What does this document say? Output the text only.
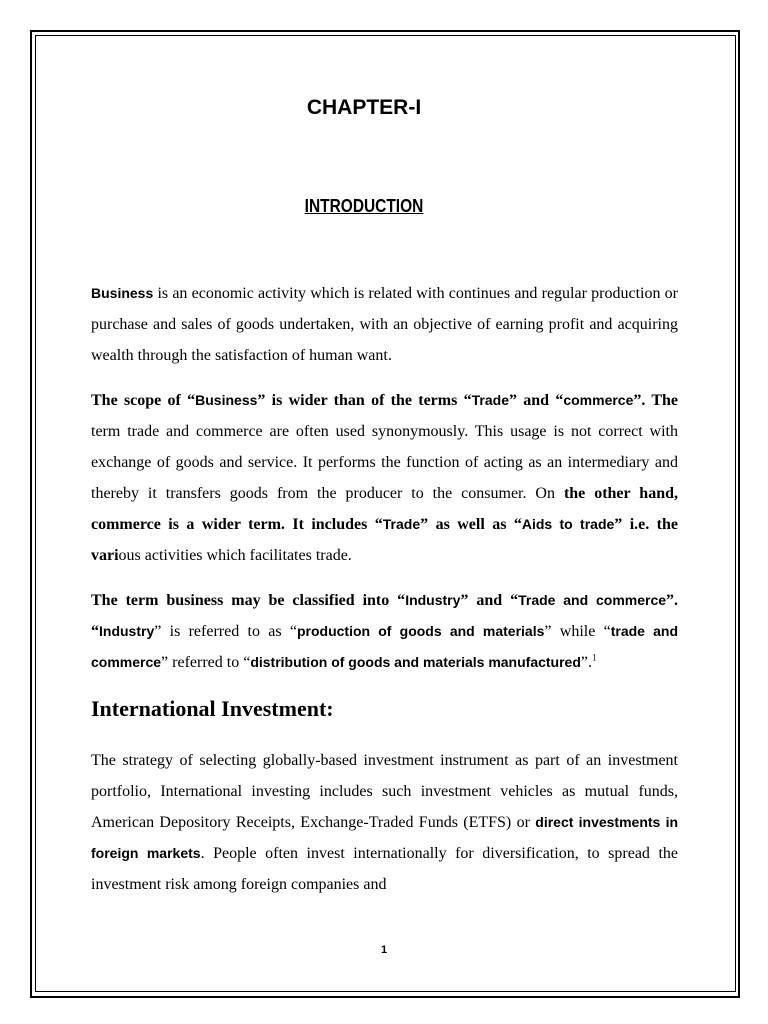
CHAPTER-I
INTRODUCTION

Business is an economic activity which is related with continues and regular production or purchase and sales of goods undertaken, with an objective of earning profit and acquiring wealth through the satisfaction of human want.

The scope of “Business” is wider than of the terms “Trade” and “commerce”. The term trade and commerce are often used synonymously. This usage is not correct with exchange of goods and service. It performs the function of acting as an intermediary and thereby it transfers goods from the producer to the consumer. On the other hand, commerce is a wider term. It includes “Trade” as well as “Aids to trade” i.e. the various activities which facilitates trade.

The term business may be classified into “Industry” and “Trade and commerce”. “Industry” is referred to as “production of goods and materials” while “trade and commerce” referred to “distribution of goods and materials manufactured”.$^1$

International Investment:

The strategy of selecting globally-based investment instrument as part of an investment portfolio, International investing includes such investment vehicles as mutual funds, American Depository Receipts, Exchange-Traded Funds (ETFS) or direct investments in foreign markets. People often invest internationally for diversification, to spread the investment risk among foreign companies and

1
